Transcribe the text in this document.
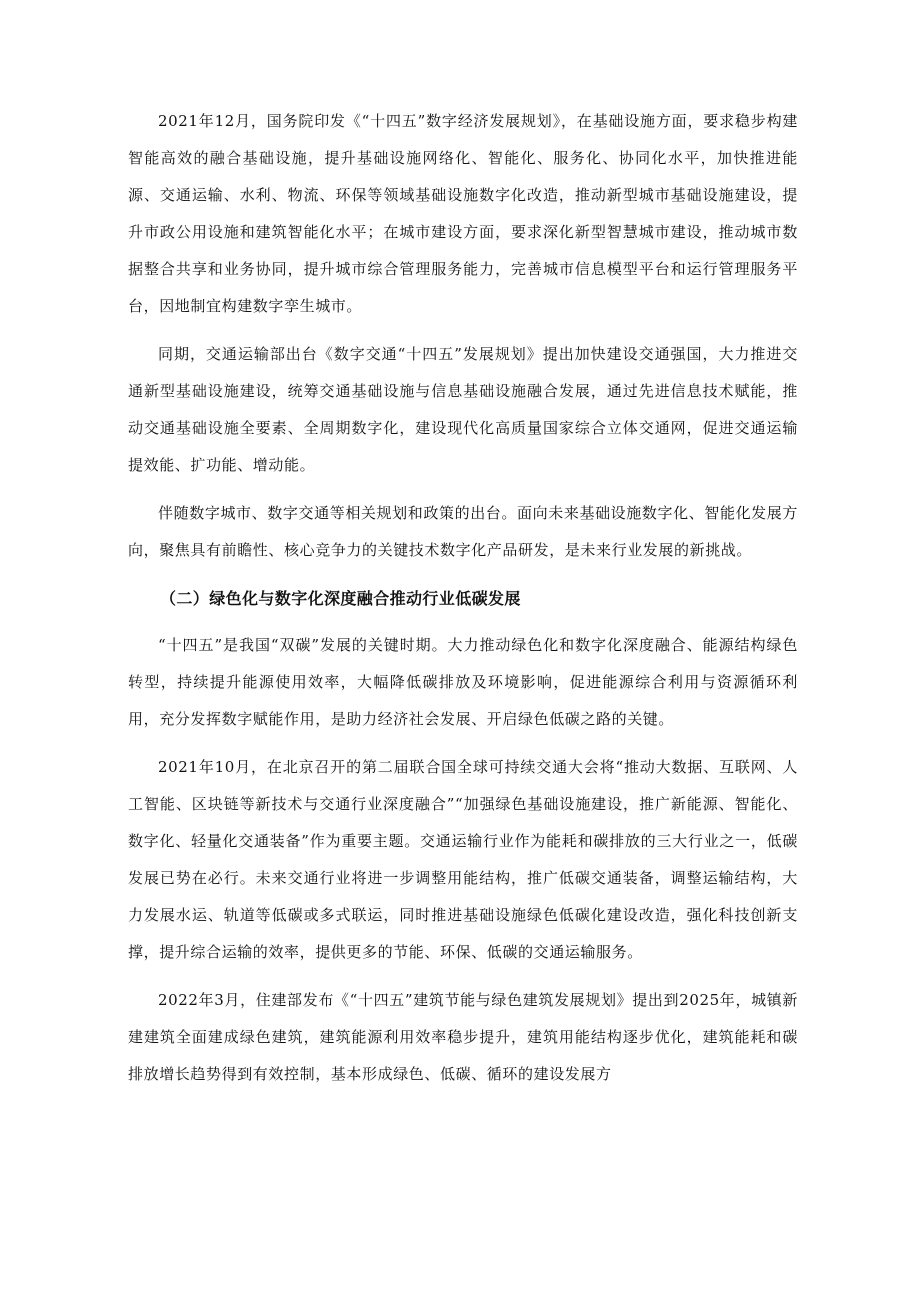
2021年12月，国务院印发《“十四五”数字经济发展规划》，在基础设施方面，要求稳步构建智能高效的融合基础设施，提升基础设施网络化、智能化、服务化、协同化水平，加快推进能源、交通运输、水利、物流、环保等领域基础设施数字化改造，推动新型城市基础设施建设，提升市政公用设施和建筑智能化水平；在城市建设方面，要求深化新型智慧城市建设，推动城市数据整合共享和业务协同，提升城市综合管理服务能力，完善城市信息模型平台和运行管理服务平台，因地制宜构建数字孪生城市。

同期，交通运输部出台《数字交通“十四五”发展规划》提出加快建设交通强国，大力推进交通新型基础设施建设，统筹交通基础设施与信息基础设施融合发展，通过先进信息技术赋能，推动交通基础设施全要素、全周期数字化，建设现代化高质量国家综合立体交通网，促进交通运输提效能、扩功能、增动能。

伴随数字城市、数字交通等相关规划和政策的出台。面向未来基础设施数字化、智能化发展方向，聚焦具有前瞻性、核心竞争力的关键技术数字化产品研发，是未来行业发展的新挑战。

（二）绿色化与数字化深度融合推动行业低碳发展

“十四五”是我国“双碳”发展的关键时期。大力推动绿色化和数字化深度融合、能源结构绿色转型，持续提升能源使用效率，大幅降低碳排放及环境影响，促进能源综合利用与资源循环利用，充分发挥数字赋能作用，是助力经济社会发展、开启绿色低碳之路的关键。

2021年10月，在北京召开的第二届联合国全球可持续交通大会将“推动大数据、互联网、人工智能、区块链等新技术与交通行业深度融合”“加强绿色基础设施建设，推广新能源、智能化、数字化、轻量化交通装备”作为重要主题。交通运输行业作为能耗和碳排放的三大行业之一，低碳发展已势在必行。未来交通行业将进一步调整用能结构，推广低碳交通装备，调整运输结构，大力发展水运、轨道等低碳或多式联运，同时推进基础设施绿色低碳化建设改造，强化科技创新支撑，提升综合运输的效率，提供更多的节能、环保、低碳的交通运输服务。

2022年3月，住建部发布《“十四五”建筑节能与绿色建筑发展规划》提出到2025年，城镇新建建筑全面建成绿色建筑，建筑能源利用效率稳步提升，建筑用能结构逐步优化，建筑能耗和碳排放增长趋势得到有效控制，基本形成绿色、低碳、循环的建设发展方
